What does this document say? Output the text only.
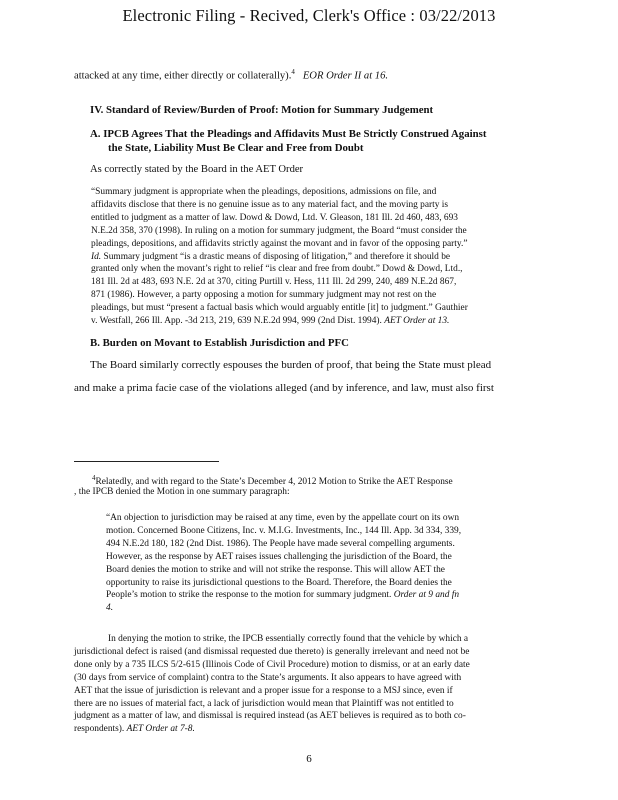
Electronic Filing - Recived, Clerk's Office : 03/22/2013
attacked at any time, either directly or collaterally).$^4$ EOR Order II at 16.
IV. Standard of Review/Burden of Proof: Motion for Summary Judgement
A. IPCB Agrees That the Pleadings and Affidavits Must Be Strictly Construed Against
the State, Liability Must Be Clear and Free from Doubt
As correctly stated by the Board in the AET Order
“Summary judgment is appropriate when the pleadings, depositions, admissions on file, and
affidavits disclose that there is no genuine issue as to any material fact, and the moving party is
entitled to judgment as a matter of law. Dowd & Dowd, Ltd. V. Gleason, 181 Ill. 2d 460, 483, 693
N.E.2d 358, 370 (1998). In ruling on a motion for summary judgment, the Board “must consider the
pleadings, depositions, and affidavits strictly against the movant and in favor of the opposing party.”
Id. Summary judgment “is a drastic means of disposing of litigation,” and therefore it should be
granted only when the movant’s right to relief “is clear and free from doubt.” Dowd & Dowd, Ltd.,
181 Ill. 2d at 483, 693 N.E. 2d at 370, citing Purtill v. Hess, 111 Ill. 2d 299, 240, 489 N.E.2d 867,
871 (1986). However, a party opposing a motion for summary judgment may not rest on the
pleadings, but must “present a factual basis which would arguably entitle [it] to judgment.” Gauthier
v. Westfall, 266 Ill. App. -3d 213, 219, 639 N.E.2d 994, 999 (2nd Dist. 1994). AET Order at 13.
B. Burden on Movant to Establish Jurisdiction and PFC
The Board similarly correctly espouses the burden of proof, that being the State must plead
and make a prima facie case of the violations alleged (and by inference, and law, must also first
$^4$Relatedly, and with regard to the State’s December 4, 2012 Motion to Strike the AET Response
, the IPCB denied the Motion in one summary paragraph:
“An objection to jurisdiction may be raised at any time, even by the appellate court on its own
motion. Concerned Boone Citizens, Inc. v. M.I.G. Investments, Inc., 144 Ill. App. 3d 334, 339,
494 N.E.2d 180, 182 (2nd Dist. 1986). The People have made several compelling arguments.
However, as the response by AET raises issues challenging the jurisdiction of the Board, the
Board denies the motion to strike and will not strike the response. This will allow AET the
opportunity to raise its jurisdictional questions to the Board. Therefore, the Board denies the
People’s motion to strike the response to the motion for summary judgment. Order at 9 and fn
4.
In denying the motion to strike, the IPCB essentially correctly found that the vehicle by which a
jurisdictional defect is raised (and dismissal requested due thereto) is generally irrelevant and need not be
done only by a 735 ILCS 5/2-615 (Illinois Code of Civil Procedure) motion to dismiss, or at an early date
(30 days from service of complaint) contra to the State’s arguments. It also appears to have agreed with
AET that the issue of jurisdiction is relevant and a proper issue for a response to a MSJ since, even if
there are no issues of material fact, a lack of jurisdiction would mean that Plaintiff was not entitled to
judgment as a matter of law, and dismissal is required instead (as AET believes is required as to both co-
respondents). AET Order at 7-8.
6
